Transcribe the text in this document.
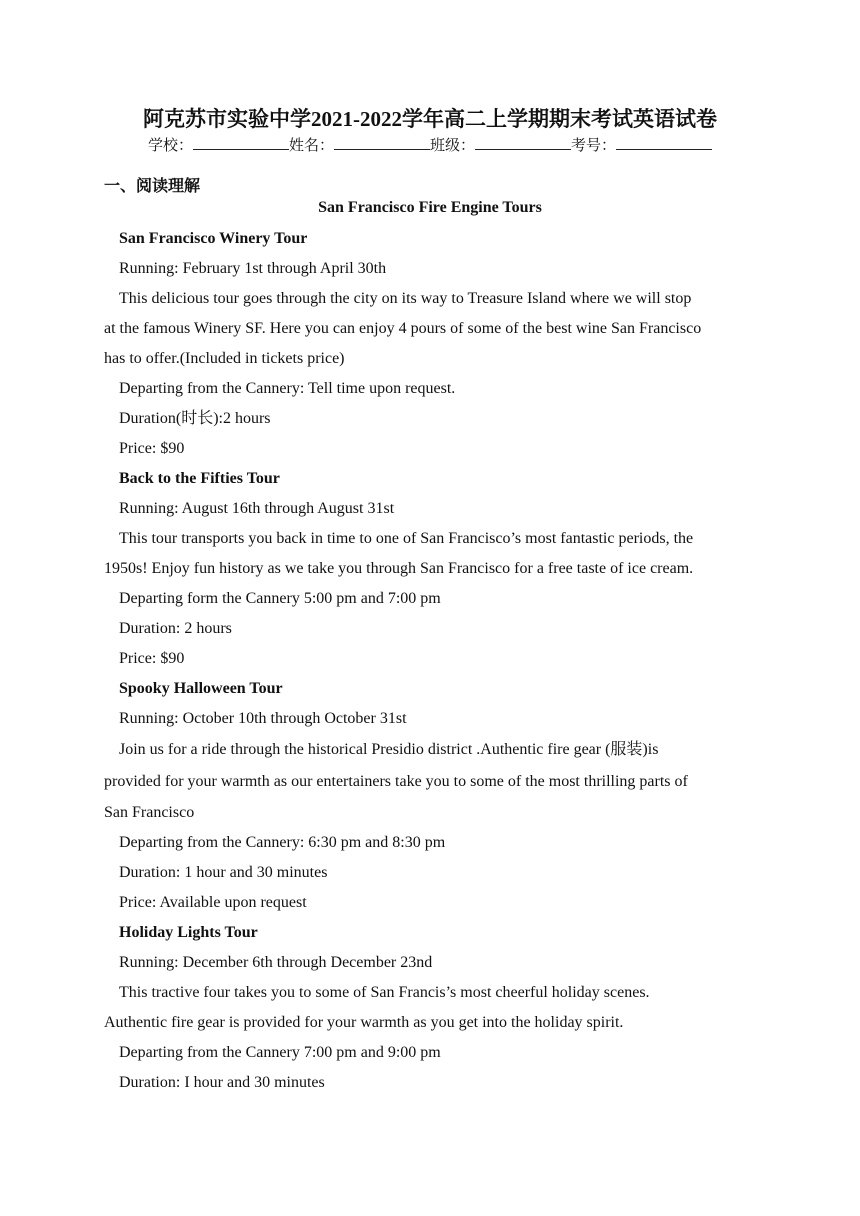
阿克苏市实验中学2021-2022学年高二上学期期末考试英语试卷
学校：	姓名：	班级：	考号：
一、阅读理解
San Francisco Fire Engine Tours

San Francisco Winery Tour

Running: February 1st through April 30th

This delicious tour goes through the city on its way to Treasure Island where we will stop

at the famous Winery SF. Here you can enjoy 4 pours of some of the best wine San Francisco

has to offer.(Included in tickets price)

Departing from the Cannery: Tell time upon request.

Duration(时长):2 hours

Price: $90

Back to the Fifties Tour

Running: August 16th through August 31st

This tour transports you back in time to one of San Francisco’s most fantastic periods, the

1950s! Enjoy fun history as we take you through San Francisco for a free taste of ice cream.

Departing form the Cannery 5:00 pm and 7:00 pm

Duration: 2 hours

Price: $90

Spooky Halloween Tour

Running: October 10th through October 31st

Join us for a ride through the historical Presidio district .Authentic fire gear (服装)is

provided for your warmth as our entertainers take you to some of the most thrilling parts of

San Francisco

Departing from the Cannery: 6:30 pm and 8:30 pm

Duration: 1 hour and 30 minutes

Price: Available upon request

Holiday Lights Tour

Running: December 6th through December 23nd

This tractive four takes you to some of San Francis’s most cheerful holiday scenes.

Authentic fire gear is provided for your warmth as you get into the holiday spirit.

Departing from the Cannery 7:00 pm and 9:00 pm

Duration: I hour and 30 minutes
